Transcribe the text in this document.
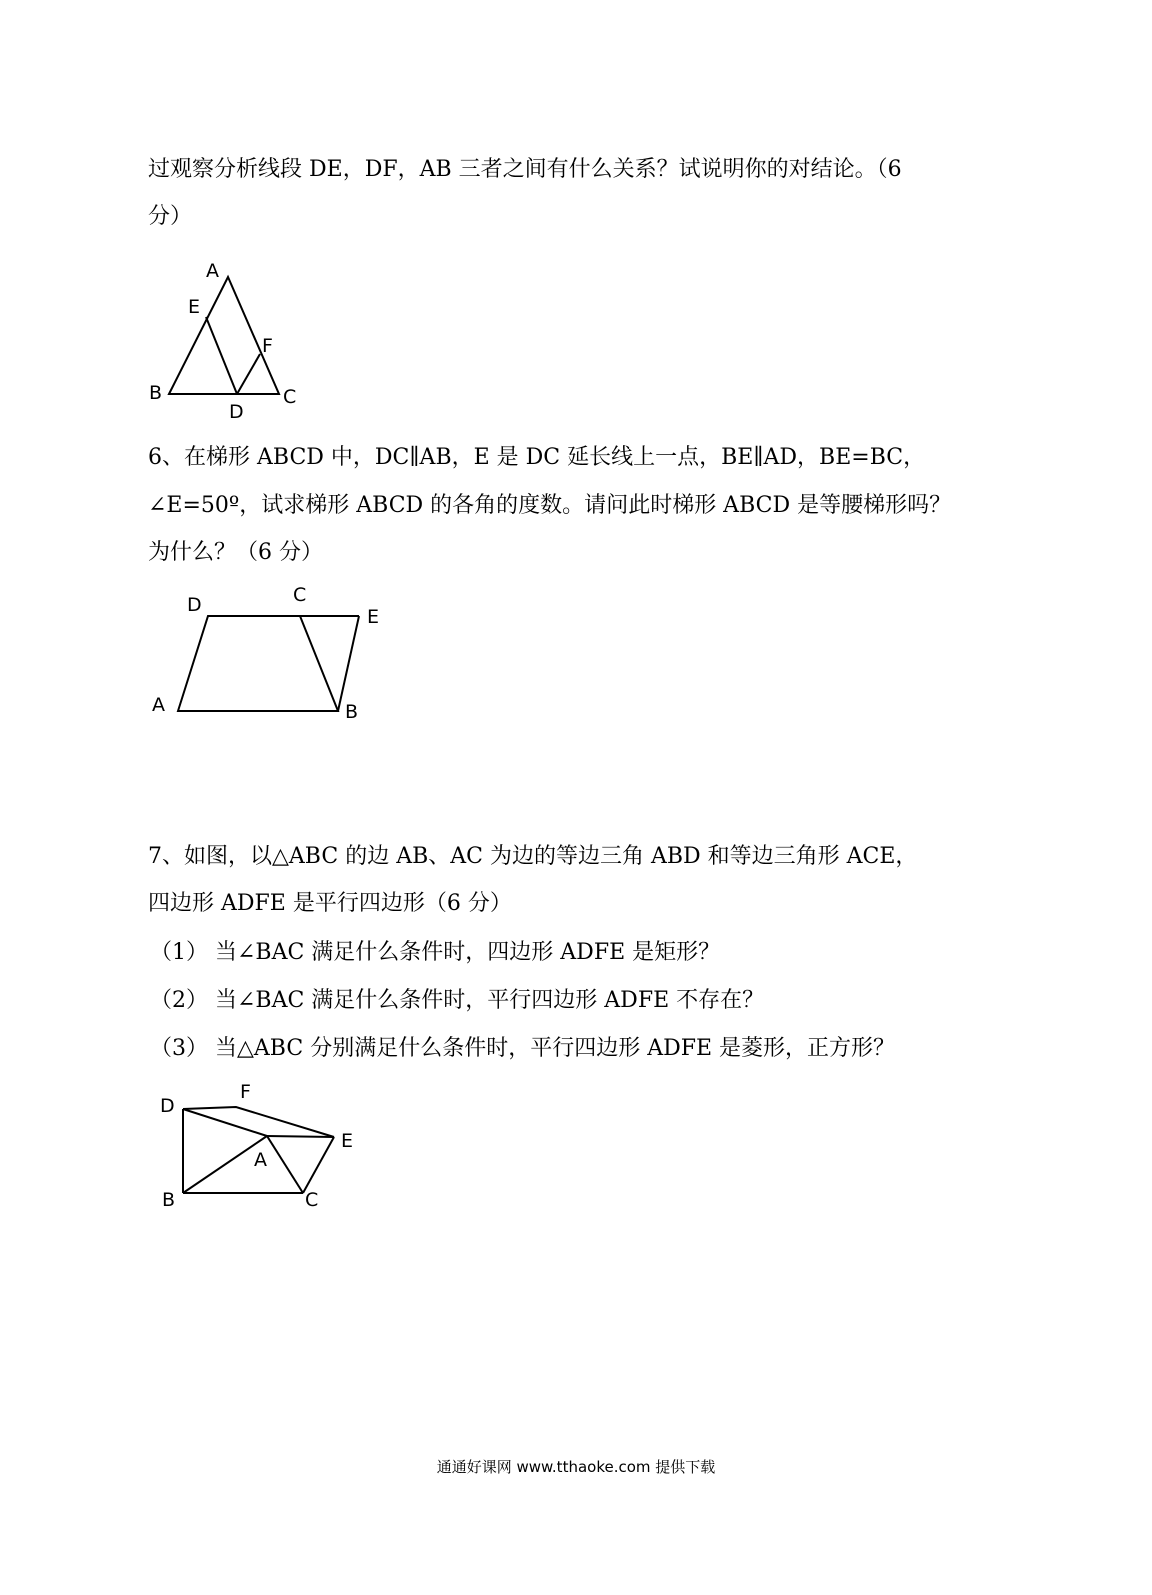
过观察分析线段 DE，DF，AB 三者之间有什么关系？试说明你的对结论。（6
分）
A
E
F
B
D
C
6、在梯形 ABCD 中，DC∥AB，E 是 DC 延长线上一点，BE∥AD，BE=BC，
∠E=50º，试求梯形 ABCD 的各角的度数。请问此时梯形 ABCD 是等腰梯形吗？
为什么？（6 分）
D	C
E
A	B
7、如图，以△ABC 的边 AB、AC 为边的等边三角 ABD 和等边三角形 ACE，
四边形 ADFE 是平行四边形（6 分）
（1） 当∠BAC 满足什么条件时，四边形 ADFE 是矩形？
（2） 当∠BAC 满足什么条件时，平行四边形 ADFE 不存在？
（3） 当△ABC 分别满足什么条件时，平行四边形 ADFE 是菱形，正方形？
D
F
E
A
B	C
通通好课网 www.tthaoke.com 提供下载
